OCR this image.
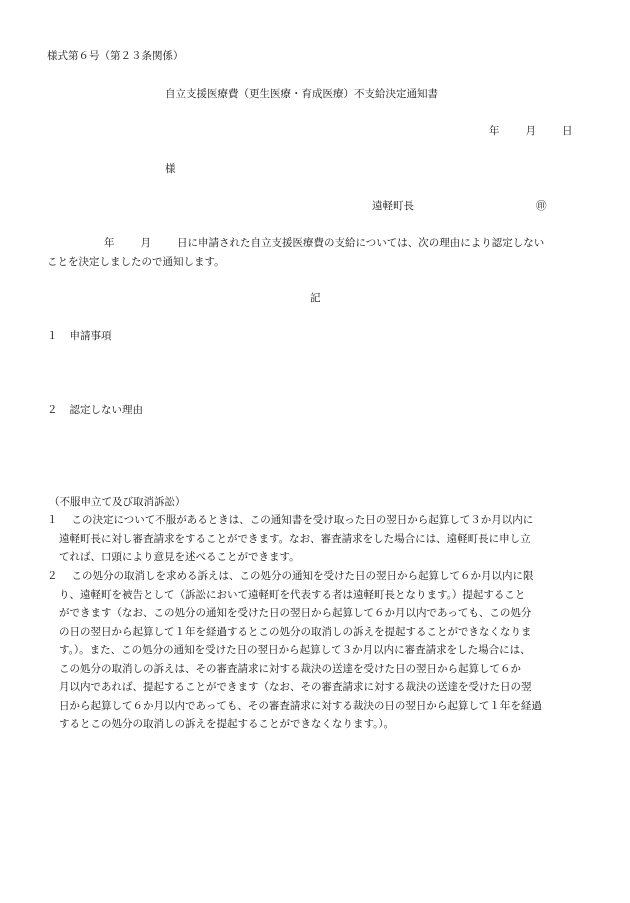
様式第６号（第２３条関係）
自立支援医療費（更生医療・育成医療）不支給決定通知書
年 月 日
様
遠軽町長	㊞
年 月 日に申請された自立支援医療費の支給については、次の理由により認定しない
ことを決定しましたので通知します。
記
１ 申請事項
２ 認定しない理由
（不服申立て及び取消訴訟）
１ この決定について不服があるときは、この通知書を受け取った日の翌日から起算して３か月以内に
遠軽町長に対し審査請求をすることができます。なお、審査請求をした場合には、遠軽町長に申し立
てれば、口頭により意見を述べることができます。
２ この処分の取消しを求める訴えは、この処分の通知を受けた日の翌日から起算して６か月以内に限
り、遠軽町を被告として（訴訟において遠軽町を代表する者は遠軽町長となります。）提起すること
ができます（なお、この処分の通知を受けた日の翌日から起算して６か月以内であっても、この処分
の日の翌日から起算して１年を経過するとこの処分の取消しの訴えを提起することができなくなりま
す。）。また、この処分の通知を受けた日の翌日から起算して３か月以内に審査請求をした場合には、
この処分の取消しの訴えは、その審査請求に対する裁決の送達を受けた日の翌日から起算して６か
月以内であれば、提起することができます（なお、その審査請求に対する裁決の送達を受けた日の翌
日から起算して６か月以内であっても、その審査請求に対する裁決の日の翌日から起算して１年を経過
するとこの処分の取消しの訴えを提起することができなくなります。）。
